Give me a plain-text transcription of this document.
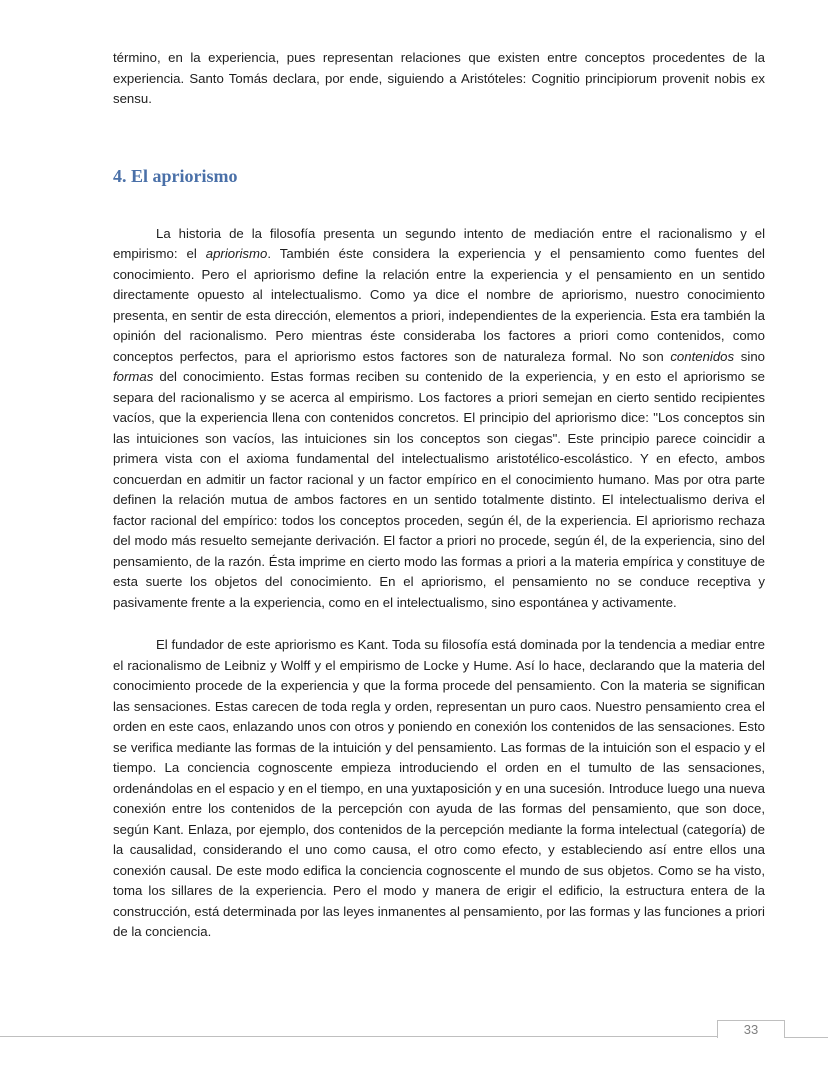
término, en la experiencia, pues representan relaciones que existen entre conceptos procedentes de la experiencia. Santo Tomás declara, por ende, siguiendo a Aristóteles: Cognitio principiorum provenit nobis ex sensu.

4. El apriorismo

La historia de la filosofía presenta un segundo intento de mediación entre el racionalismo y el empirismo: el apriorismo. También éste considera la experiencia y el pensamiento como fuentes del conocimiento. Pero el apriorismo define la relación entre la experiencia y el pensamiento en un sentido directamente opuesto al intelectualismo. Como ya dice el nombre de apriorismo, nuestro conocimiento presenta, en sentir de esta dirección, elementos a priori, independientes de la experiencia. Esta era también la opinión del racionalismo. Pero mientras éste consideraba los factores a priori como contenidos, como conceptos perfectos, para el apriorismo estos factores son de naturaleza formal. No son contenidos sino formas del conocimiento. Estas formas reciben su contenido de la experiencia, y en esto el apriorismo se separa del racionalismo y se acerca al empirismo. Los factores a priori semejan en cierto sentido recipientes vacíos, que la experiencia llena con contenidos concretos. El principio del apriorismo dice: "Los conceptos sin las intuiciones son vacíos, las intuiciones sin los conceptos son ciegas". Este principio parece coincidir a primera vista con el axioma fundamental del intelectualismo aristotélico-escolástico. Y en efecto, ambos concuerdan en admitir un factor racional y un factor empírico en el conocimiento humano. Mas por otra parte definen la relación mutua de ambos factores en un sentido totalmente distinto. El intelectualismo deriva el factor racional del empírico: todos los conceptos proceden, según él, de la experiencia. El apriorismo rechaza del modo más resuelto semejante derivación. El factor a priori no procede, según él, de la experiencia, sino del pensamiento, de la razón. Ésta imprime en cierto modo las formas a priori a la materia empírica y constituye de esta suerte los objetos del conocimiento. En el apriorismo, el pensamiento no se conduce receptiva y pasivamente frente a la experiencia, como en el intelectualismo, sino espontánea y activamente.

El fundador de este apriorismo es Kant. Toda su filosofía está dominada por la tendencia a mediar entre el racionalismo de Leibniz y Wolff y el empirismo de Locke y Hume. Así lo hace, declarando que la materia del conocimiento procede de la experiencia y que la forma procede del pensamiento. Con la materia se significan las sensaciones. Estas carecen de toda regla y orden, representan un puro caos. Nuestro pensamiento crea el orden en este caos, enlazando unos con otros y poniendo en conexión los contenidos de las sensaciones. Esto se verifica mediante las formas de la intuición y del pensamiento. Las formas de la intuición son el espacio y el tiempo. La conciencia cognoscente empieza introduciendo el orden en el tumulto de las sensaciones, ordenándolas en el espacio y en el tiempo, en una yuxtaposición y en una sucesión. Introduce luego una nueva conexión entre los contenidos de la percepción con ayuda de las formas del pensamiento, que son doce, según Kant. Enlaza, por ejemplo, dos contenidos de la percepción mediante la forma intelectual (categoría) de la causalidad, considerando el uno como causa, el otro como efecto, y estableciendo así entre ellos una conexión causal. De este modo edifica la conciencia cognoscente el mundo de sus objetos. Como se ha visto, toma los sillares de la experiencia. Pero el modo y manera de erigir el edificio, la estructura entera de la construcción, está determinada por las leyes inmanentes al pensamiento, por las formas y las funciones a priori de la conciencia.

33
